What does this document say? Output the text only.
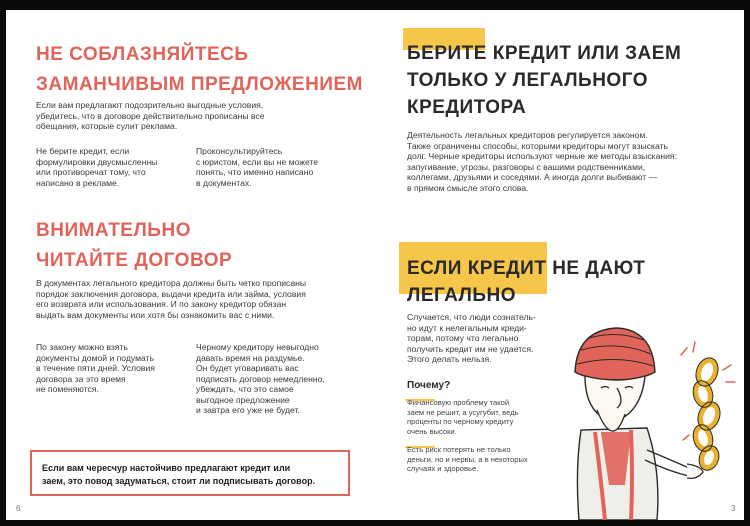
НЕ СОБЛАЗНЯЙТЕСЬ
ЗАМАНЧИВЫМ ПРЕДЛОЖЕНИЕМ
Если вам предлагают подозрительно выгодные условия,
убедитесь, что в договоре действительно прописаны все
обещания, которые сулит реклама.
Не берите кредит, если
формулировки двусмысленны
или противоречат тому, что
написано в рекламе.
Проконсультируйтесь
с юристом, если вы не можете
понять, что именно написано
в документах.
ВНИМАТЕЛЬНО
ЧИТАЙТЕ ДОГОВОР
В документах легального кредитора должны быть четко прописаны
порядок заключения договора, выдачи кредита или займа, условия
его возврата или использования. И по закону кредитор обязан
выдать вам документы или хотя бы ознакомить вас с ними.
По закону можно взять
документы домой и подумать
в течение пяти дней. Условия
договора за это время
не поменяются.
Черному кредитору невыгодно
давать время на раздумье.
Он будет уговаривать вас
подписать договор немедленно,
убеждать, что это самое
выгодное предложение
и завтра его уже не будет.

Если вам чересчур настойчиво предлагают кредит или
заем, это повод задуматься, стоит ли подписывать договор.

6
БЕРИТЕ КРЕДИТ ИЛИ ЗАЕМ
ТОЛЬКО У ЛЕГАЛЬНОГО
КРЕДИТОРА
Деятельность легальных кредиторов регулируется законом.
Также ограничены способы, которыми кредиторы могут взыскать
долг. Черные кредиторы используют черные же методы взыскания:
запугивание, угрозы, разговоры с вашими родственниками,
коллегами, друзьями и соседями. А иногда долги выбивают —
в прямом смысле этого слова.
ЕСЛИ КРЕДИТ НЕ ДАЮТ
ЛЕГАЛЬНО
Случается, что люди сознатель-
но идут к нелегальным креди-
торам, потому что легально
получить кредит им не удается.
Этого делать нельзя.

Почему?

Финансовую проблему такой
заем не решит, а усугубит, ведь
проценты по черному кредиту
очень высоки.
Есть риск потерять не только
деньги, но и нервы, а в некоторых
случаях и здоровье.
3
